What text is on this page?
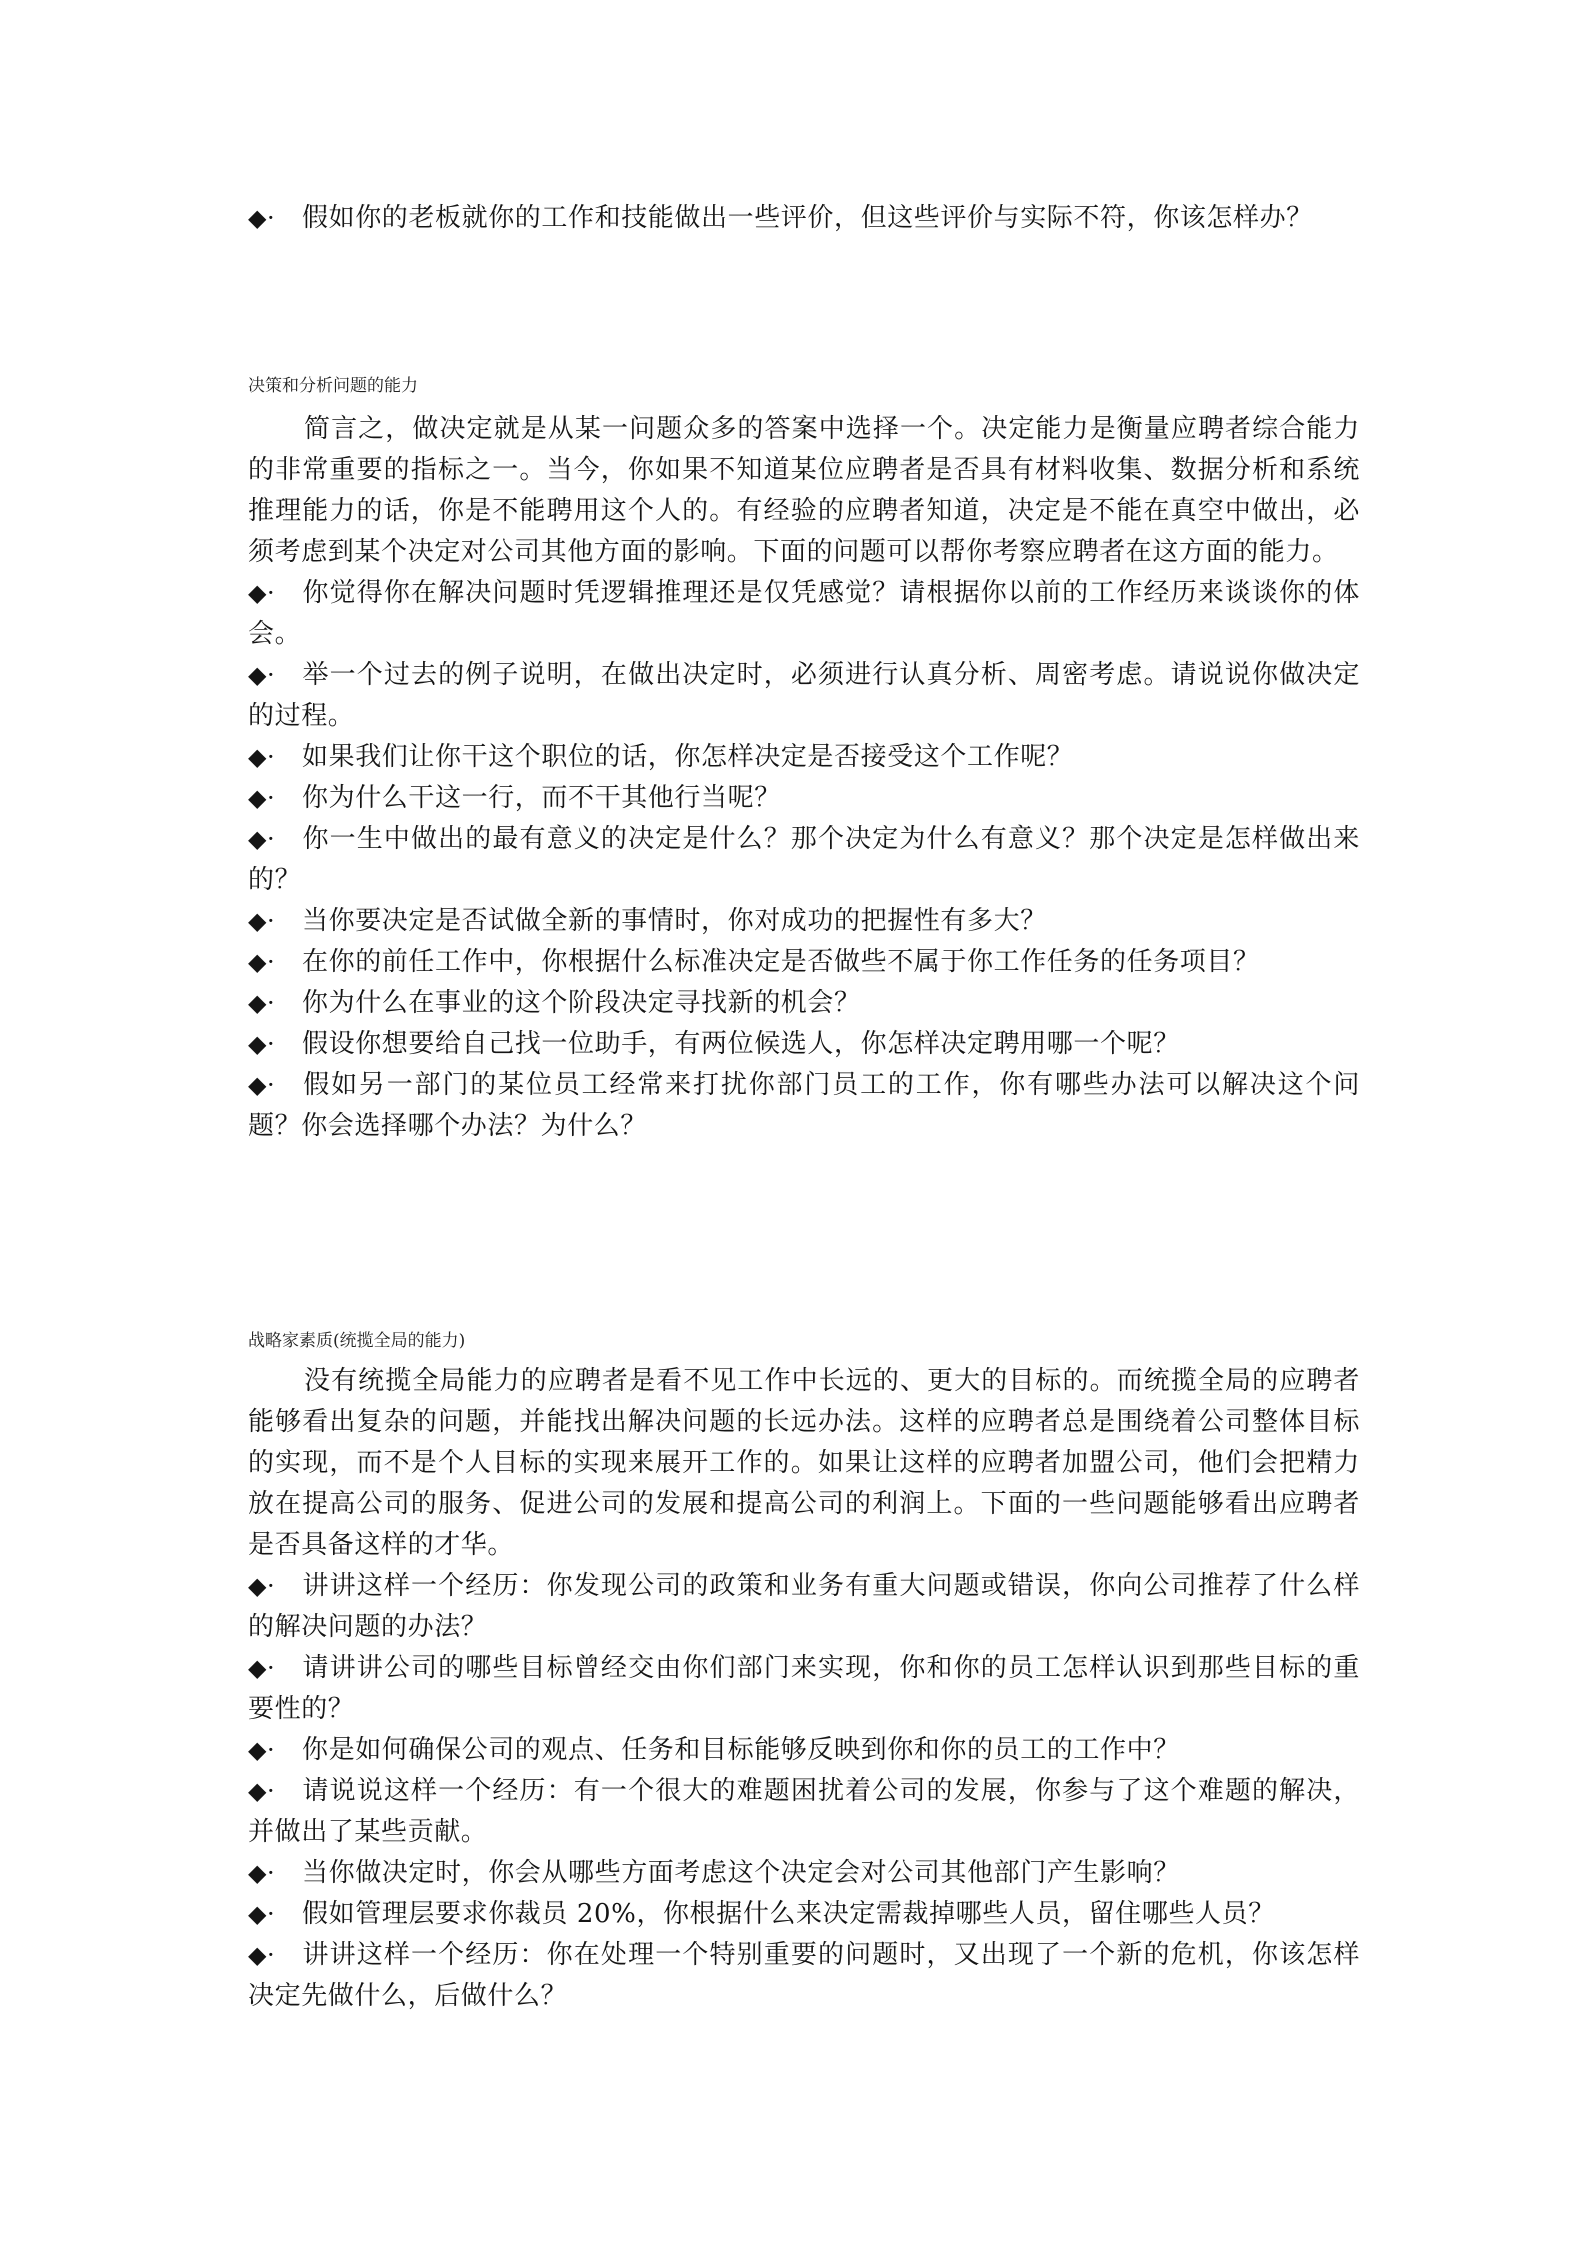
◆· 假如你的老板就你的工作和技能做出一些评价，但这些评价与实际不符，你该怎样办？

决策和分析问题的能力

简言之，做决定就是从某一问题众多的答案中选择一个。决定能力是衡量应聘者综合能力的非常重要的指标之一。当今，你如果不知道某位应聘者是否具有材料收集、数据分析和系统推理能力的话，你是不能聘用这个人的。有经验的应聘者知道，决定是不能在真空中做出，必须考虑到某个决定对公司其他方面的影响。下面的问题可以帮你考察应聘者在这方面的能力。

◆· 你觉得你在解决问题时凭逻辑推理还是仅凭感觉？请根据你以前的工作经历来谈谈你的体会。

◆· 举一个过去的例子说明，在做出决定时，必须进行认真分析、周密考虑。请说说你做决定的过程。

◆· 如果我们让你干这个职位的话，你怎样决定是否接受这个工作呢？

◆· 你为什么干这一行，而不干其他行当呢？

◆· 你一生中做出的最有意义的决定是什么？那个决定为什么有意义？那个决定是怎样做出来的？

◆· 当你要决定是否试做全新的事情时，你对成功的把握性有多大？

◆· 在你的前任工作中，你根据什么标准决定是否做些不属于你工作任务的任务项目？

◆· 你为什么在事业的这个阶段决定寻找新的机会？

◆· 假设你想要给自己找一位助手，有两位候选人，你怎样决定聘用哪一个呢？

◆· 假如另一部门的某位员工经常来打扰你部门员工的工作，你有哪些办法可以解决这个问题？你会选择哪个办法？为什么？

战略家素质(统揽全局的能力)

没有统揽全局能力的应聘者是看不见工作中长远的、更大的目标的。而统揽全局的应聘者能够看出复杂的问题，并能找出解决问题的长远办法。这样的应聘者总是围绕着公司整体目标的实现，而不是个人目标的实现来展开工作的。如果让这样的应聘者加盟公司，他们会把精力放在提高公司的服务、促进公司的发展和提高公司的利润上。下面的一些问题能够看出应聘者是否具备这样的才华。

◆· 讲讲这样一个经历：你发现公司的政策和业务有重大问题或错误，你向公司推荐了什么样的解决问题的办法？

◆· 请讲讲公司的哪些目标曾经交由你们部门来实现，你和你的员工怎样认识到那些目标的重要性的？

◆· 你是如何确保公司的观点、任务和目标能够反映到你和你的员工的工作中？

◆· 请说说这样一个经历：有一个很大的难题困扰着公司的发展，你参与了这个难题的解决，并做出了某些贡献。

◆· 当你做决定时，你会从哪些方面考虑这个决定会对公司其他部门产生影响？

◆· 假如管理层要求你裁员 20%，你根据什么来决定需裁掉哪些人员，留住哪些人员？

◆· 讲讲这样一个经历：你在处理一个特别重要的问题时，又出现了一个新的危机，你该怎样决定先做什么，后做什么？
